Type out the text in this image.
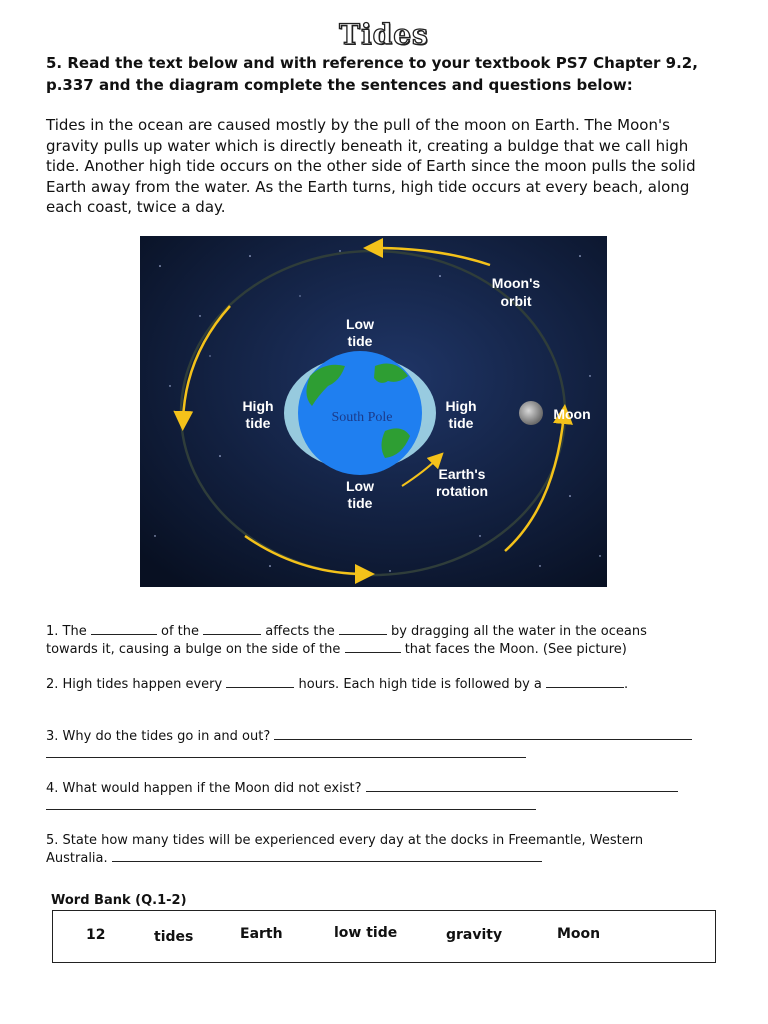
Tides
5. Read the text below and with reference to your textbook PS7 Chapter 9.2, p.337 and the diagram complete the sentences and questions below:
Tides in the ocean are caused mostly by the pull of the moon on Earth. The Moon's gravity pulls up water which is directly beneath it, creating a buldge that we call high tide. Another high tide occurs on the other side of Earth since the moon pulls the solid Earth away from the water. As the Earth turns, high tide occurs at every beach, along each coast, twice a day.
South Pole
Moon's
orbit
Low
tide
High
tide
High
tide
Moon
Low
tide
Earth's
rotation
1. The	of the	affects the	by dragging all the water in the oceans
towards it, causing a bulge on the side of the	that faces the Moon. (See picture)
2. High tides happen every	hours. Each high tide is followed by a	.
3. Why do the tides go in and out?

4. What would happen if the Moon did not exist?

5. State how many tides will be experienced every day at the docks in Freemantle, Western
Australia.
Word Bank (Q.1-2)
12	tides	Earth	low tide	gravity	Moon
